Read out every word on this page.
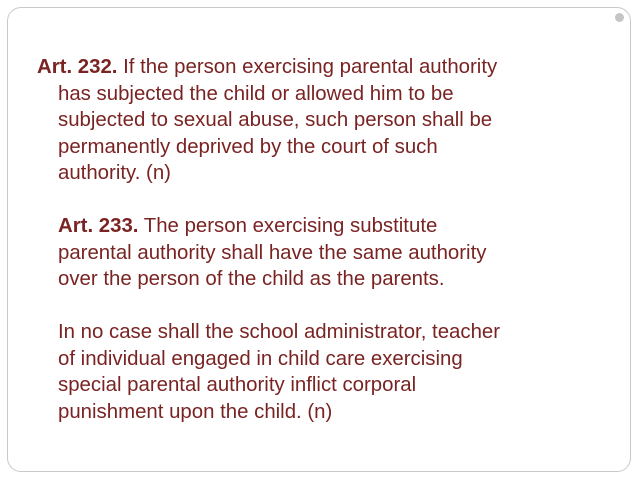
Art. 232. If the person exercising parental authority
has subjected the child or allowed him to be
subjected to sexual abuse, such person shall be
permanently deprived by the court of such
authority. (n)
Art. 233. The person exercising substitute
parental authority shall have the same authority
over the person of the child as the parents.
In no case shall the school administrator, teacher
of individual engaged in child care exercising
special parental authority inflict corporal
punishment upon the child. (n)
